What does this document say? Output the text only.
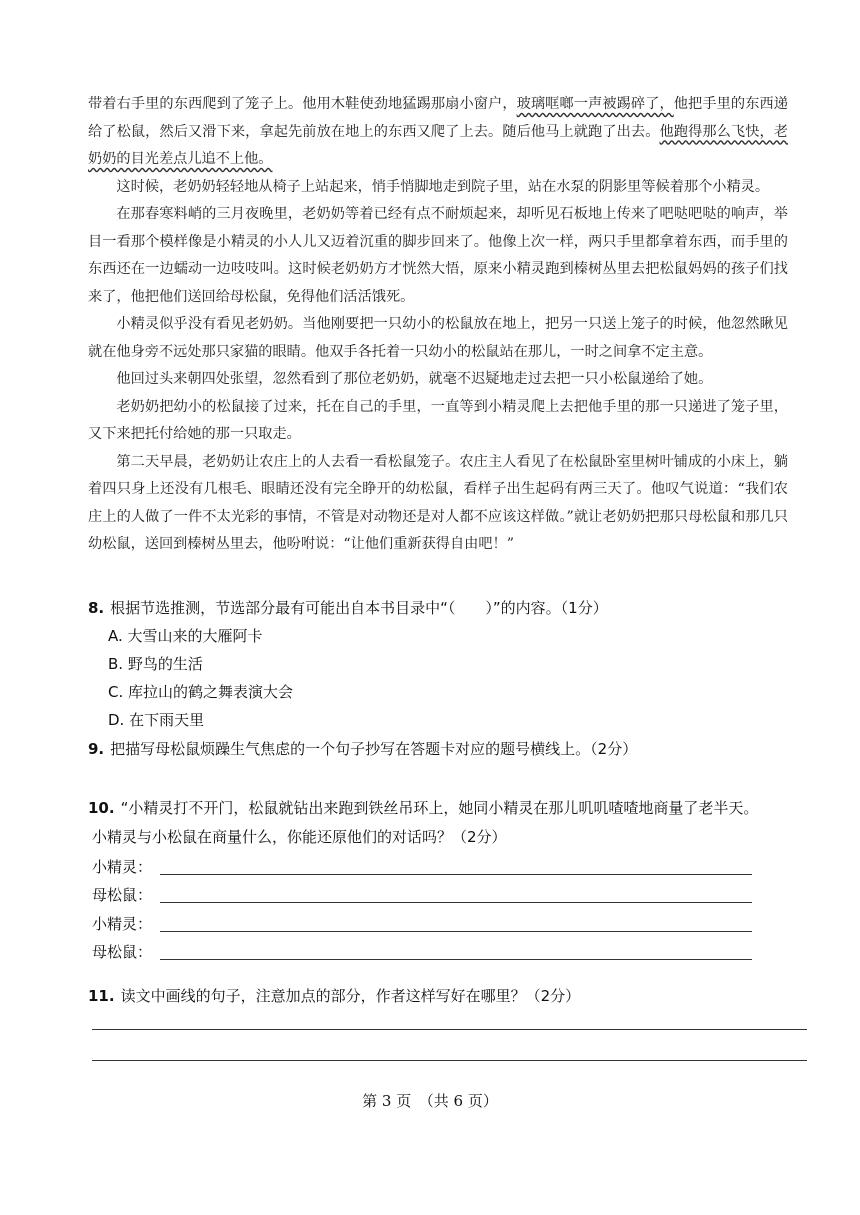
带着右手里的东西爬到了笼子上。他用木鞋使劲地猛踢那扇小窗户，玻璃哐啷一声被踢碎了，他把手里的东西递给了松鼠，然后又滑下来，拿起先前放在地上的东西又爬了上去。随后他马上就跑了出去。他跑得那么飞快，老奶奶的目光差点儿追不上他。

这时候，老奶奶轻轻地从椅子上站起来，悄手悄脚地走到院子里，站在水泵的阴影里等候着那个小精灵。

在那春寒料峭的三月夜晚里，老奶奶等着已经有点不耐烦起来，却听见石板地上传来了吧哒吧哒的响声，举目一看那个模样像是小精灵的小人儿又迈着沉重的脚步回来了。他像上次一样，两只手里都拿着东西，而手里的东西还在一边蠕动一边吱吱叫。这时候老奶奶方才恍然大悟，原来小精灵跑到榛树丛里去把松鼠妈妈的孩子们找来了，他把他们送回给母松鼠，免得他们活活饿死。

小精灵似乎没有看见老奶奶。当他刚要把一只幼小的松鼠放在地上，把另一只送上笼子的时候，他忽然瞅见就在他身旁不远处那只家猫的眼睛。他双手各托着一只幼小的松鼠站在那儿，一时之间拿不定主意。

他回过头来朝四处张望，忽然看到了那位老奶奶，就毫不迟疑地走过去把一只小松鼠递给了她。

老奶奶把幼小的松鼠接了过来，托在自己的手里，一直等到小精灵爬上去把他手里的那一只递进了笼子里，又下来把托付给她的那一只取走。

第二天早晨，老奶奶让农庄上的人去看一看松鼠笼子。农庄主人看见了在松鼠卧室里树叶铺成的小床上，躺着四只身上还没有几根毛、眼睛还没有完全睁开的幼松鼠，看样子出生起码有两三天了。他叹气说道：“我们农庄上的人做了一件不太光彩的事情，不管是对动物还是对人都不应该这样做。”就让老奶奶把那只母松鼠和那几只幼松鼠，送回到榛树丛里去，他吩咐说：“让他们重新获得自由吧！”

8. 根据节选推测，节选部分最有可能出自本书目录中“（　　）”的内容。（1分）
A. 大雪山来的大雁阿卡
B. 野鸟的生活
C. 库拉山的鹤之舞表演大会
D. 在下雨天里
9. 把描写母松鼠烦躁生气焦虑的一个句子抄写在答题卡对应的题号横线上。（2分）
10. “小精灵打不开门，松鼠就钻出来跑到铁丝吊环上，她同小精灵在那儿叽叽喳喳地商量了老半天。
小精灵与小松鼠在商量什么，你能还原他们的对话吗？（2分）
小精灵：
母松鼠：
小精灵：
母松鼠：
11. 读文中画线的句子，注意加点的部分，作者这样写好在哪里？（2分）
第 3 页　（共 6 页）
